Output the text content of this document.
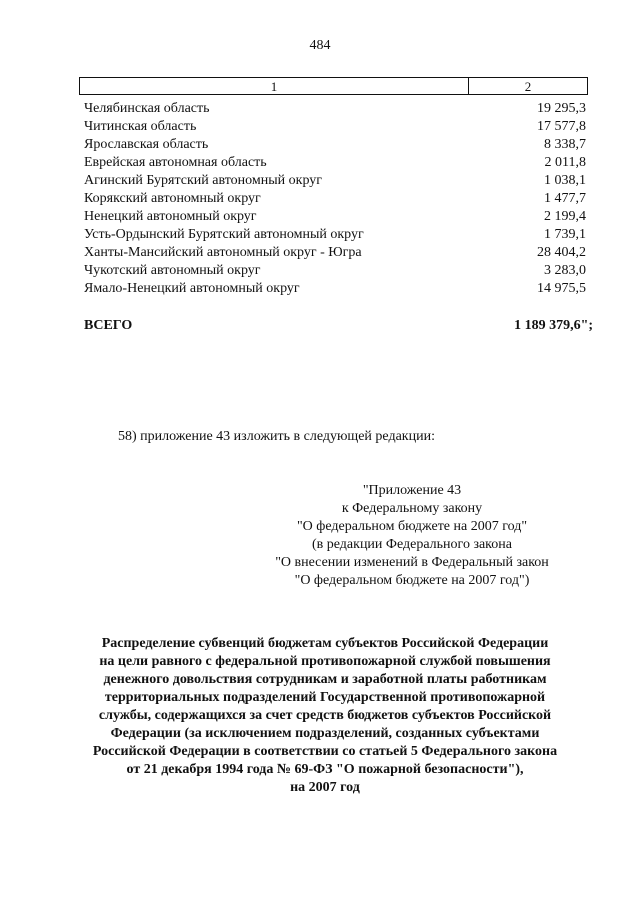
484
1	2
Челябинская область	19 295,3
Читинская область	17 577,8
Ярославская область	8 338,7
Еврейская автономная область	2 011,8
Агинский Бурятский автономный округ	1 038,1
Корякский автономный округ	1 477,7
Ненецкий автономный округ	2 199,4
Усть-Ордынский Бурятский автономный округ	1 739,1
Ханты-Мансийский автономный округ - Югра	28 404,2
Чукотский автономный округ	3 283,0
Ямало-Ненецкий автономный округ	14 975,5
ВСЕГО	1 189 379,6";
58) приложение 43 изложить в следующей редакции:
"Приложение 43
к Федеральному закону
"О федеральном бюджете на 2007 год"
(в редакции Федерального закона
"О внесении изменений в Федеральный закон
"О федеральном бюджете на 2007 год")
Распределение субвенций бюджетам субъектов Российской Федерации
на цели равного с федеральной противопожарной службой повышения
денежного довольствия сотрудникам и заработной платы работникам
территориальных подразделений Государственной противопожарной
службы, содержащихся за счет средств бюджетов субъектов Российской
Федерации (за исключением подразделений, созданных субъектами
Российской Федерации в соответствии со статьей 5 Федерального закона
от 21 декабря 1994 года № 69-ФЗ "О пожарной безопасности"),
на 2007 год
